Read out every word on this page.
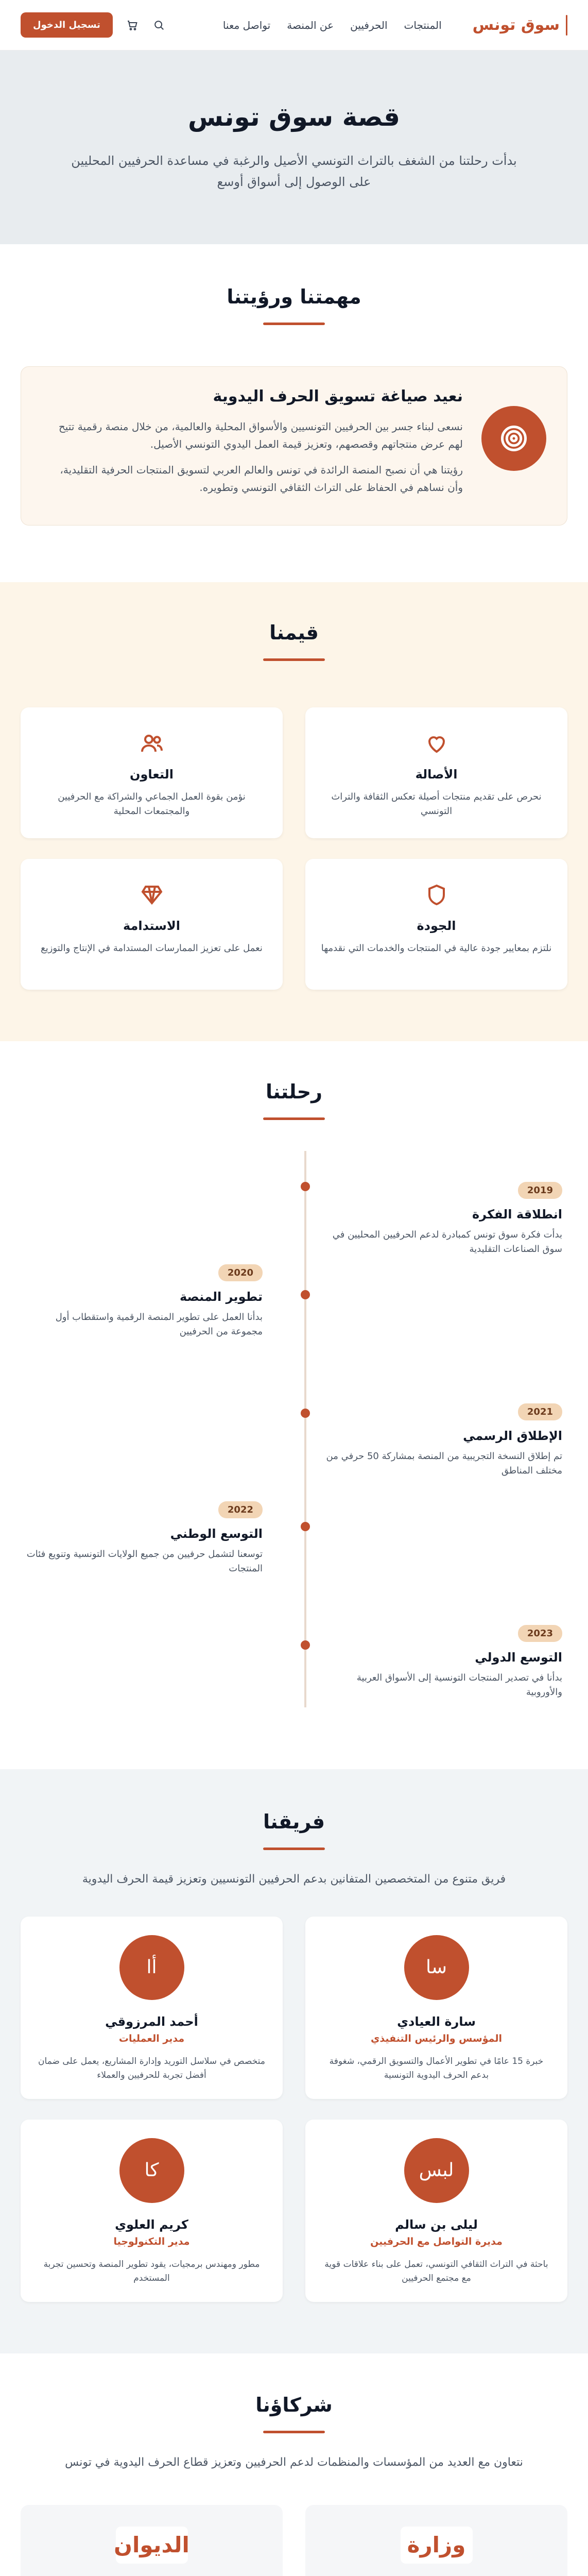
سوق تونس
المنتجات
الحرفيين
عن المنصة
تواصل معنا
تسجيل الدخول
قصة سوق تونس

بدأت رحلتنا من الشغف بالتراث التونسي الأصيل والرغبة في مساعدة الحرفيين المحليين على الوصول إلى أسواق أوسع

مهمتنا ورؤيتنا
نعيد صياغة تسويق الحرف اليدوية

نسعى لبناء جسر بين الحرفيين التونسيين والأسواق المحلية والعالمية، من خلال منصة رقمية تتيح لهم عرض منتجاتهم وقصصهم، وتعزيز قيمة العمل اليدوي التونسي الأصيل.

رؤيتنا هي أن نصبح المنصة الرائدة في تونس والعالم العربي لتسويق المنتجات الحرفية التقليدية، وأن نساهم في الحفاظ على التراث الثقافي التونسي وتطويره.

قيمنا
الأصالة

نحرص على تقديم منتجات أصيلة تعكس الثقافة والتراث التونسي

التعاون

نؤمن بقوة العمل الجماعي والشراكة مع الحرفيين والمجتمعات المحلية

الجودة

نلتزم بمعايير جودة عالية في المنتجات والخدمات التي نقدمها

الاستدامة

نعمل على تعزيز الممارسات المستدامة في الإنتاج والتوزيع

رحلتنا
2019
انطلاقة الفكرة

بدأت فكرة سوق تونس كمبادرة لدعم الحرفيين المحليين في سوق الصناعات التقليدية

2020
تطوير المنصة

بدأنا العمل على تطوير المنصة الرقمية واستقطاب أول مجموعة من الحرفيين

2021
الإطلاق الرسمي

تم إطلاق النسخة التجريبية من المنصة بمشاركة 50 حرفي من مختلف المناطق

2022
التوسع الوطني

توسعنا لتشمل حرفيين من جميع الولايات التونسية وتنويع فئات المنتجات

2023
التوسع الدولي

بدأنا في تصدير المنتجات التونسية إلى الأسواق العربية والأوروبية

فريقنا

فريق متنوع من المتخصصين المتفانين بدعم الحرفيين التونسيين وتعزيز قيمة الحرف اليدوية

سا
سارة العيادي
المؤسس والرئيس التنفيذي

خبرة 15 عامًا في تطوير الأعمال والتسويق الرقمي، شغوفة بدعم الحرف اليدوية التونسية

أا
أحمد المرزوقي
مدير العمليات

متخصص في سلاسل التوريد وإدارة المشاريع، يعمل على ضمان أفضل تجربة للحرفيين والعملاء

لبس
ليلى بن سالم
مديرة التواصل مع الحرفيين

باحثة في التراث الثقافي التونسي، تعمل على بناء علاقات قوية مع مجتمع الحرفيين

كا
كريم العلوي
مدير التكنولوجيا

مطور ومهندس برمجيات، يقود تطوير المنصة وتحسين تجربة المستخدم

شركاؤنا

نتعاون مع العديد من المؤسسات والمنظمات لدعم الحرفيين وتعزيز قطاع الحرف اليدوية في تونس

وزارة

الديوان
